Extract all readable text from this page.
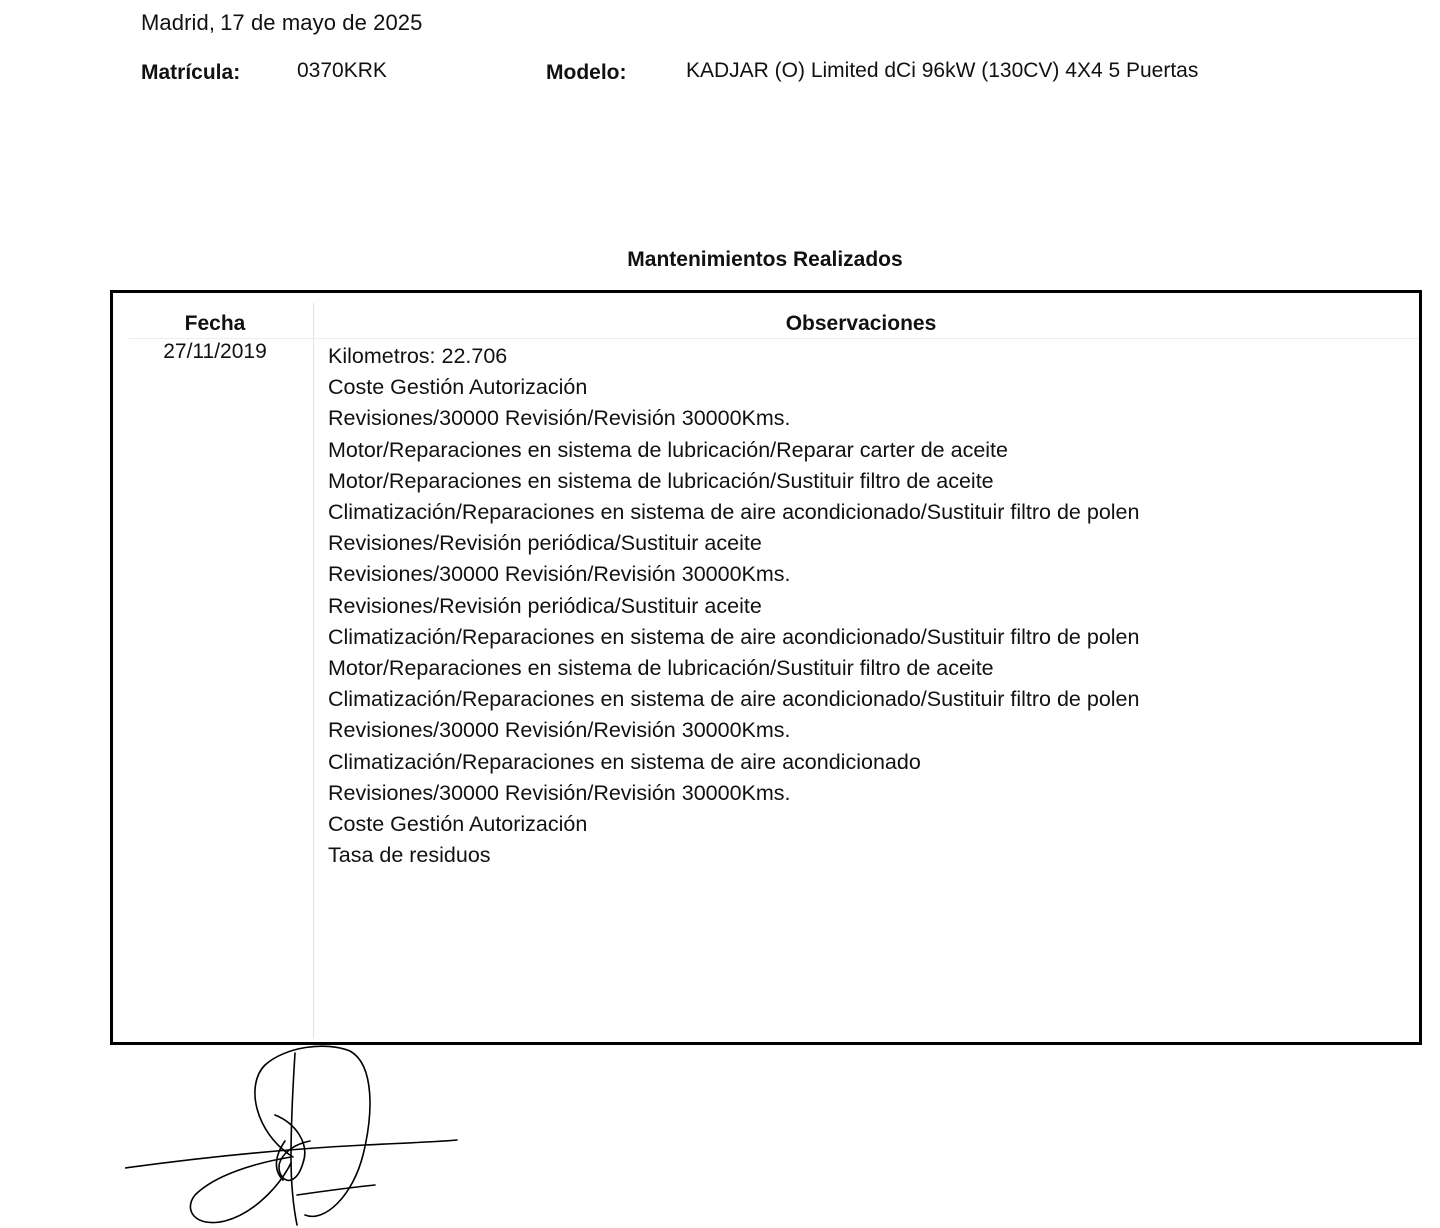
Madrid, 17 de mayo de 2025
Matrícula:	0370KRK	Modelo:	KADJAR (O) Limited dCi 96kW (130CV) 4X4 5 Puertas
Mantenimientos Realizados
Fecha	Observaciones
27/11/2019	Kilometros: 22.706
Coste Gestión Autorización
Revisiones/30000 Revisión/Revisión 30000Kms.
Motor/Reparaciones en sistema de lubricación/Reparar carter de aceite
Motor/Reparaciones en sistema de lubricación/Sustituir filtro de aceite
Climatización/Reparaciones en sistema de aire acondicionado/Sustituir filtro de polen
Revisiones/Revisión periódica/Sustituir aceite
Revisiones/30000 Revisión/Revisión 30000Kms.
Revisiones/Revisión periódica/Sustituir aceite
Climatización/Reparaciones en sistema de aire acondicionado/Sustituir filtro de polen
Motor/Reparaciones en sistema de lubricación/Sustituir filtro de aceite
Climatización/Reparaciones en sistema de aire acondicionado/Sustituir filtro de polen
Revisiones/30000 Revisión/Revisión 30000Kms.
Climatización/Reparaciones en sistema de aire acondicionado
Revisiones/30000 Revisión/Revisión 30000Kms.
Coste Gestión Autorización
Tasa de residuos
